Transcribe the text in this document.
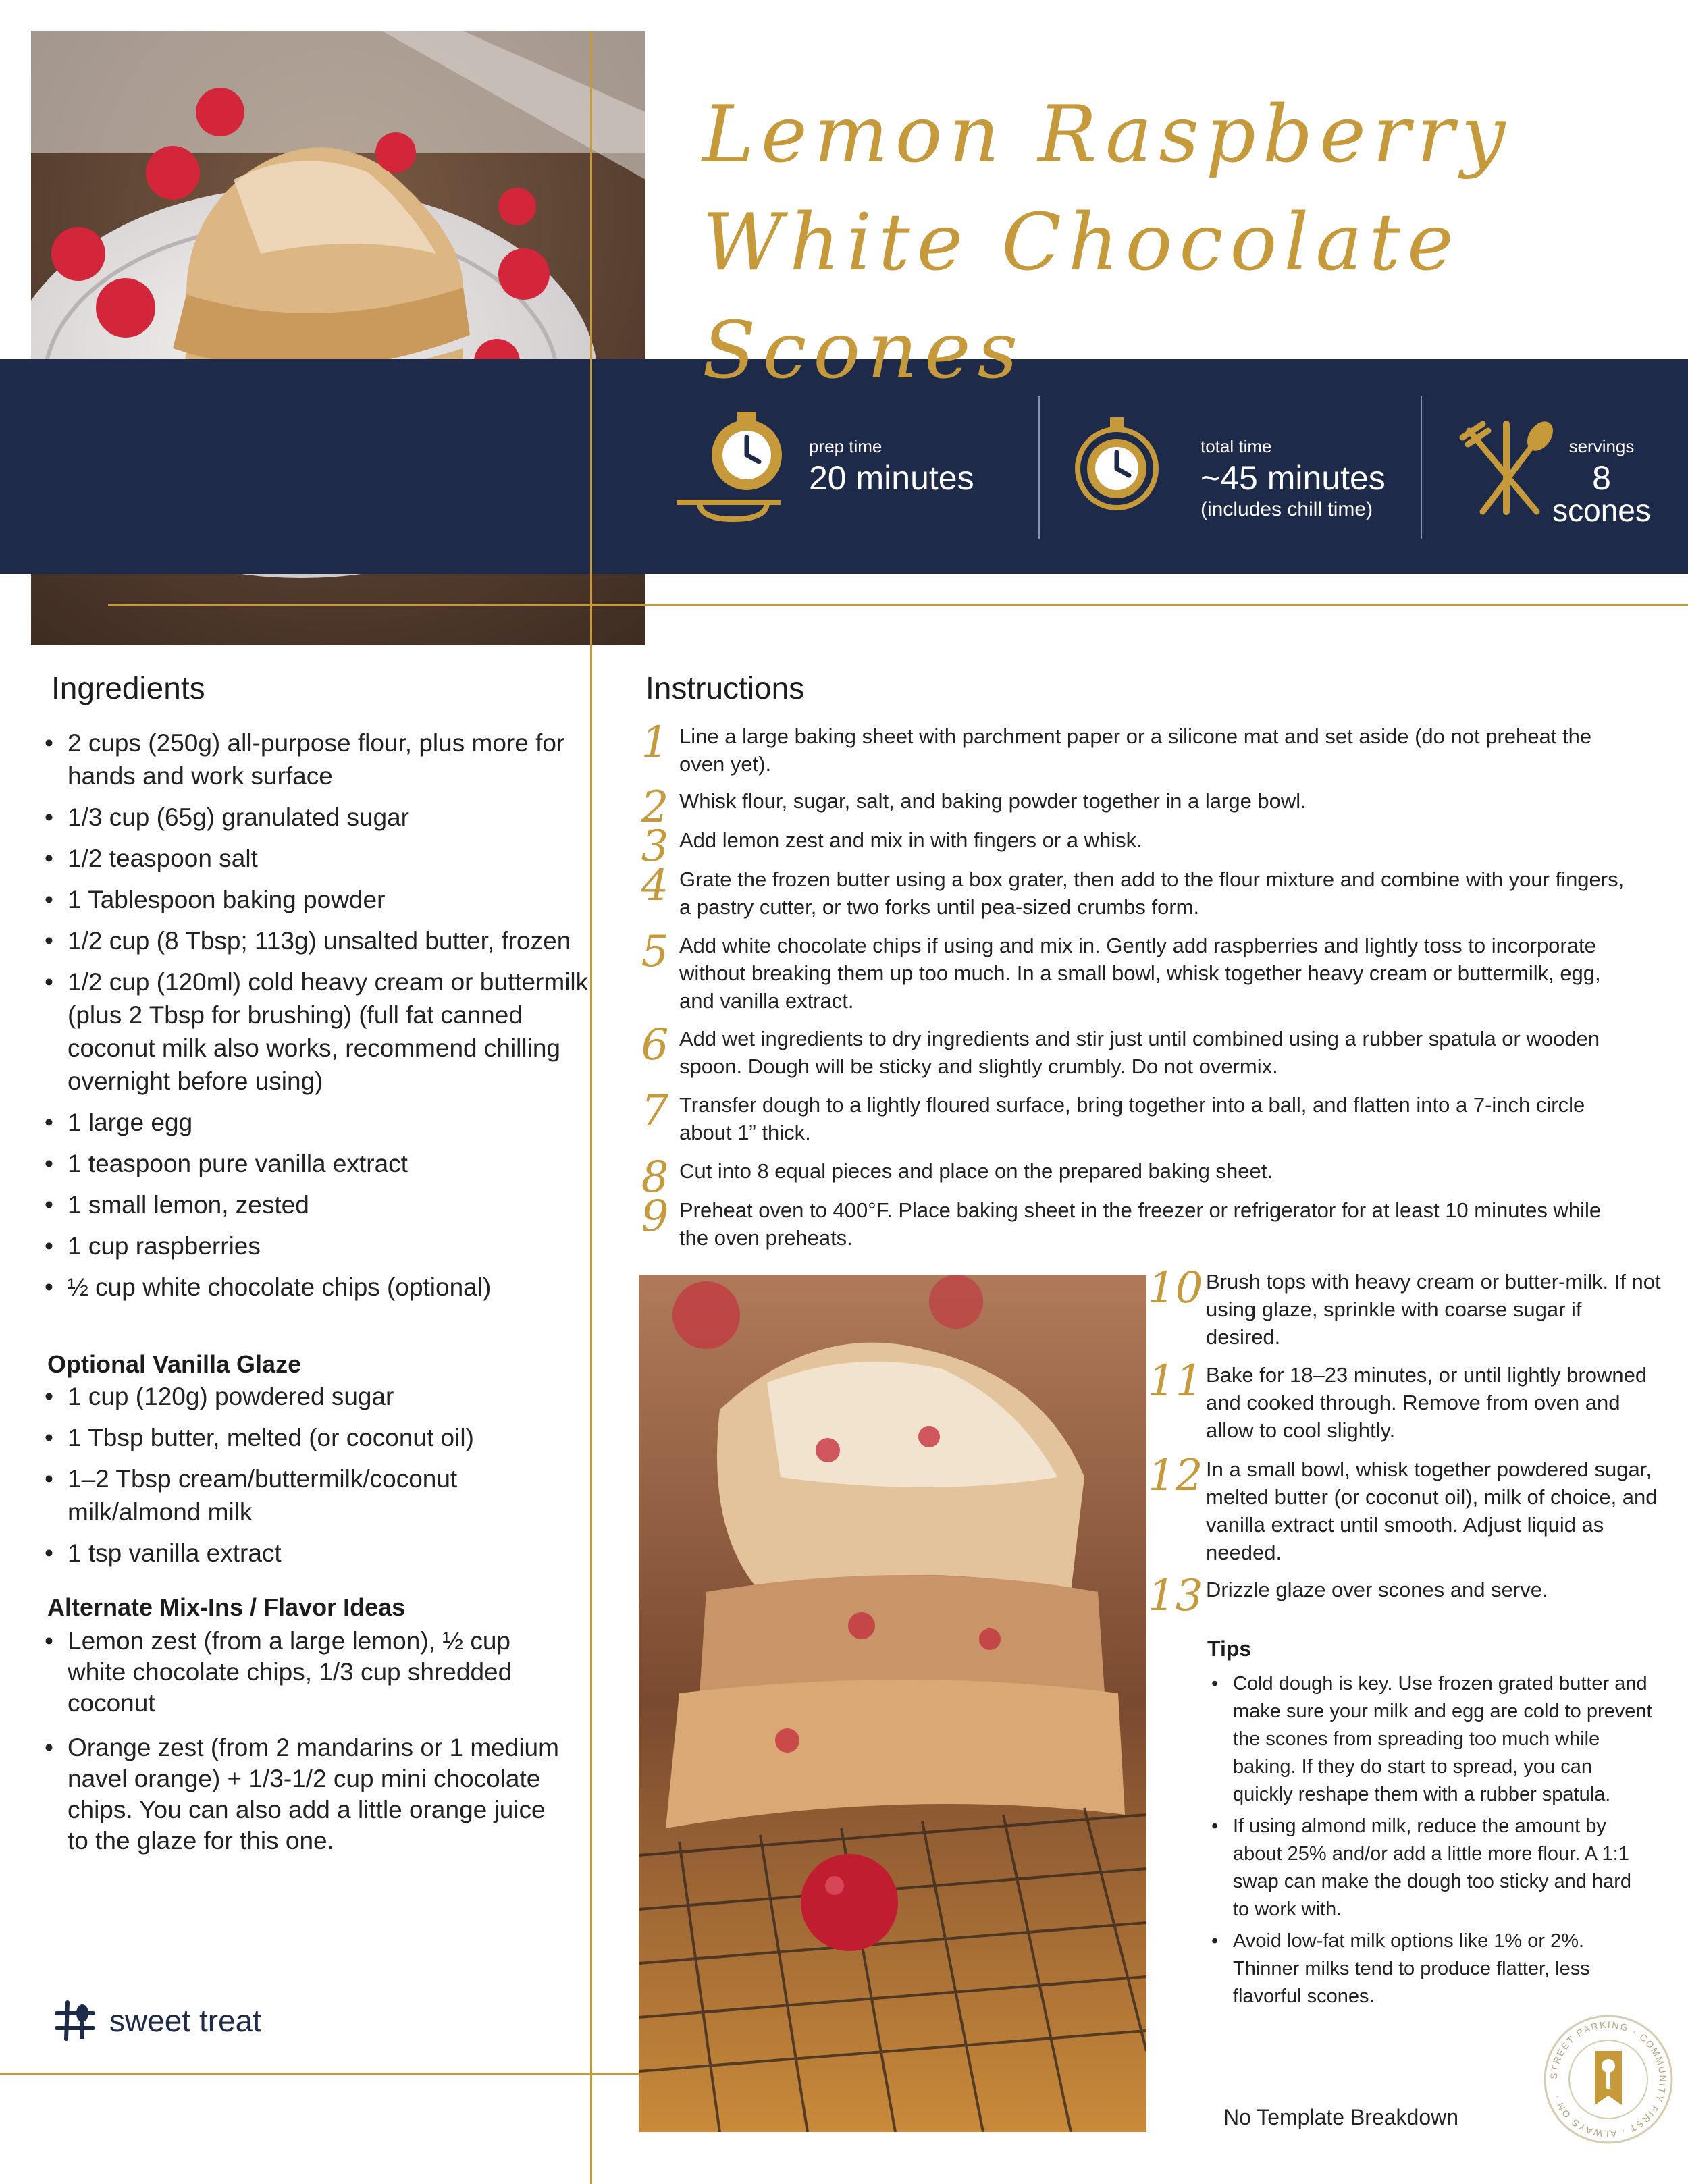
Lemon Raspberry
White Chocolate Scones
prep time
20 minutes
total time
~45 minutes
(includes chill time)
servings
8
scones
Ingredients
• 2 cups (250g) all-purpose flour, plus more for hands and work surface
• 1/3 cup (65g) granulated sugar
• 1/2 teaspoon salt
• 1 Tablespoon baking powder
• 1/2 cup (8 Tbsp; 113g) unsalted butter, frozen
• 1/2 cup (120ml) cold heavy cream or buttermilk (plus 2 Tbsp for brushing) (full fat canned coconut milk also works, recommend chilling overnight before using)
• 1 large egg
• 1 teaspoon pure vanilla extract
• 1 small lemon, zested
• 1 cup raspberries
• ½ cup white chocolate chips (optional)
Optional Vanilla Glaze
• 1 cup (120g) powdered sugar
• 1 Tbsp butter, melted (or coconut oil)
• 1–2 Tbsp cream/buttermilk/coconut milk/almond milk
• 1 tsp vanilla extract
Alternate Mix-Ins / Flavor Ideas
• Lemon zest (from a large lemon), ½ cup white chocolate chips, 1/3 cup shredded coconut
• Orange zest (from 2 mandarins or 1 medium navel orange) + 1/3-1/2 cup mini chocolate chips. You can also add a little orange juice to the glaze for this one.
sweet treat
Instructions
1 Line a large baking sheet with parchment paper or a silicone mat and set aside (do not preheat the oven yet).
2 Whisk flour, sugar, salt, and baking powder together in a large bowl.
3 Add lemon zest and mix in with fingers or a whisk.
4 Grate the frozen butter using a box grater, then add to the flour mixture and combine with your fingers, a pastry cutter, or two forks until pea-sized crumbs form.
5 Add white chocolate chips if using and mix in. Gently add raspberries and lightly toss to incorporate without breaking them up too much. In a small bowl, whisk together heavy cream or buttermilk, egg, and vanilla extract.
6 Add wet ingredients to dry ingredients and stir just until combined using a rubber spatula or wooden spoon. Dough will be sticky and slightly crumbly. Do not overmix.
7 Transfer dough to a lightly floured surface, bring together into a ball, and flatten into a 7-inch circle about 1” thick.
8 Cut into 8 equal pieces and place on the prepared baking sheet.
9 Preheat oven to 400°F. Place baking sheet in the freezer or refrigerator for at least 10 minutes while the oven preheats.
10 Brush tops with heavy cream or butter-milk. If not using glaze, sprinkle with coarse sugar if desired.
11 Bake for 18–23 minutes, or until lightly browned and cooked through. Remove from oven and allow to cool slightly.
12 In a small bowl, whisk together powdered sugar, melted butter (or coconut oil), milk of choice, and vanilla extract until smooth. Adjust liquid as needed.
13 Drizzle glaze over scones and serve.
Tips
• Cold dough is key. Use frozen grated butter and make sure your milk and egg are cold to prevent the scones from spreading too much while baking. If they do start to spread, you can quickly reshape them with a rubber spatula.
• If using almond milk, reduce the amount by about 25% and/or add a little more flour. A 1:1 swap can make the dough too sticky and hard to work with.
• Avoid low-fat milk options like 1% or 2%. Thinner milks tend to produce flatter, less flavorful scones.
No Template Breakdown
STREET PARKING · COMMUNITY FIRST · ALWAYS ON ·
